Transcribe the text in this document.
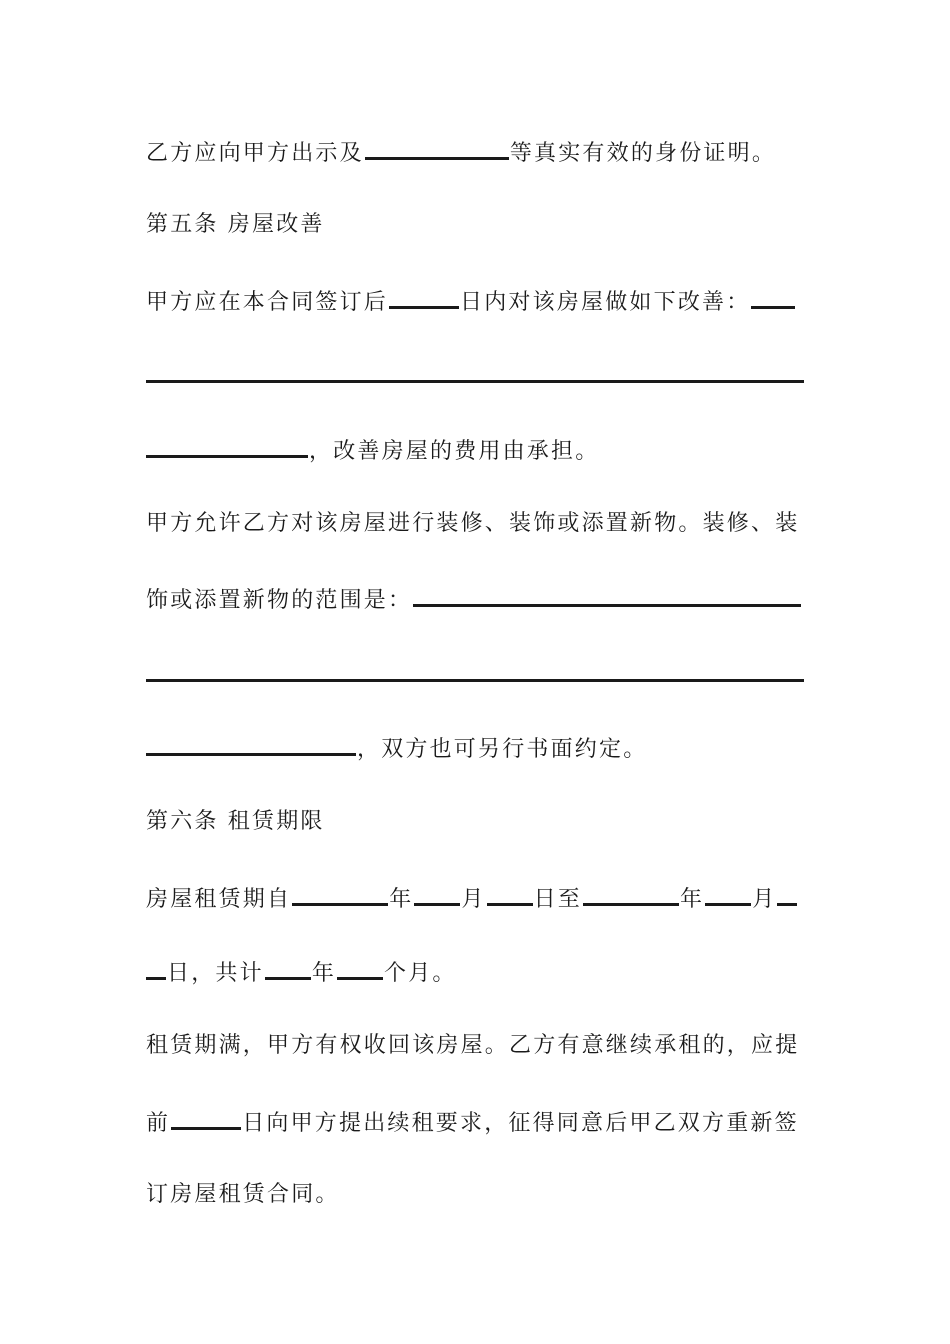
乙方应向甲方出示及	等真实有效的身份证明。
第五条 房屋改善
甲方应在本合同签订后	日内对该房屋做如下改善：
，改善房屋的费用由承担。
甲方允许乙方对该房屋进行装修、装饰或添置新物。装修、装
饰或添置新物的范围是：
，双方也可另行书面约定。
第六条 租赁期限
房屋租赁期自	年 月 日至	年 月
日，共计 年 个月。
租赁期满，甲方有权收回该房屋。乙方有意继续承租的，应提
前	日向甲方提出续租要求，征得同意后甲乙双方重新签
订房屋租赁合同。
